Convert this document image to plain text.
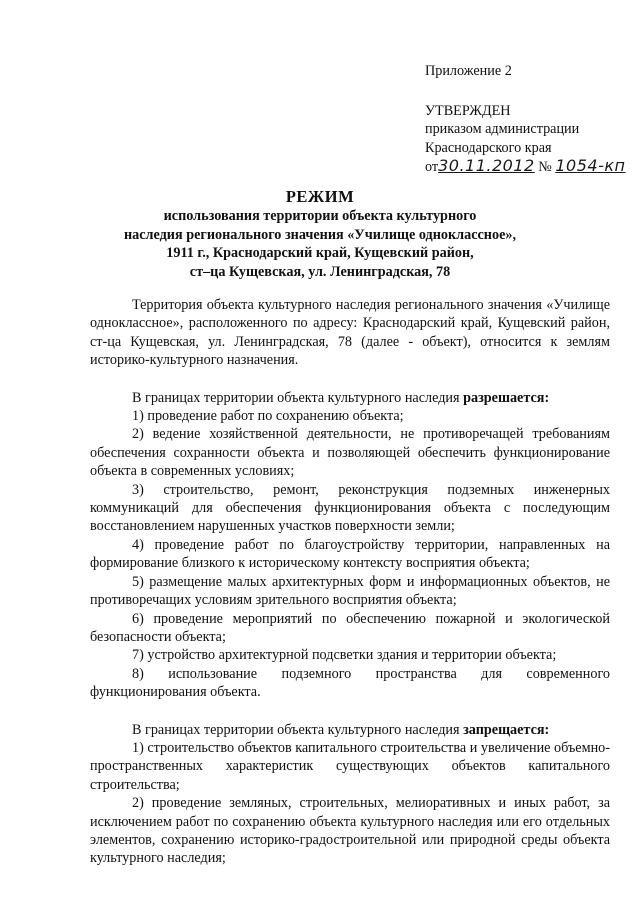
Приложение 2
УТВЕРЖДЕН
приказом администрации
Краснодарского края
от30.11.2012 № 1054-кп
РЕЖИМ
использования территории объекта культурного
наследия регионального значения «Училище одноклассное»,
1911 г., Краснодарский край, Кущевский район,
ст–ца Кущевская, ул. Ленинградская, 78

Территория объекта культурного наследия регионального значения «Училище одноклассное», расположенного по адресу: Краснодарский край, Кущевский район, ст-ца Кущевская, ул. Ленинградская, 78 (далее - объект), относится к землям историко-культурного назначения.

В границах территории объекта культурного наследия разрешается:

1) проведение работ по сохранению объекта;

2) ведение хозяйственной деятельности, не противоречащей требованиям обеспечения сохранности объекта и позволяющей обеспечить функционирование объекта в современных условиях;

3) строительство, ремонт, реконструкция подземных инженерных коммуникаций для обеспечения функционирования объекта с последующим восстановлением нарушенных участков поверхности земли;

4) проведение работ по благоустройству территории, направленных на формирование близкого к историческому контексту восприятия объекта;

5) размещение малых архитектурных форм и информационных объектов, не противоречащих условиям зрительного восприятия объекта;

6) проведение мероприятий по обеспечению пожарной и экологической безопасности объекта;

7) устройство архитектурной подсветки здания и территории объекта;

8) использование подземного пространства для современного функционирования объекта.

В границах территории объекта культурного наследия запрещается:

1) строительство объектов капитального строительства и увеличение объемно-пространственных характеристик существующих объектов капитального строительства;

2) проведение земляных, строительных, мелиоративных и иных работ, за исключением работ по сохранению объекта культурного наследия или его отдельных элементов, сохранению историко-градостроительной или природной среды объекта культурного наследия;
